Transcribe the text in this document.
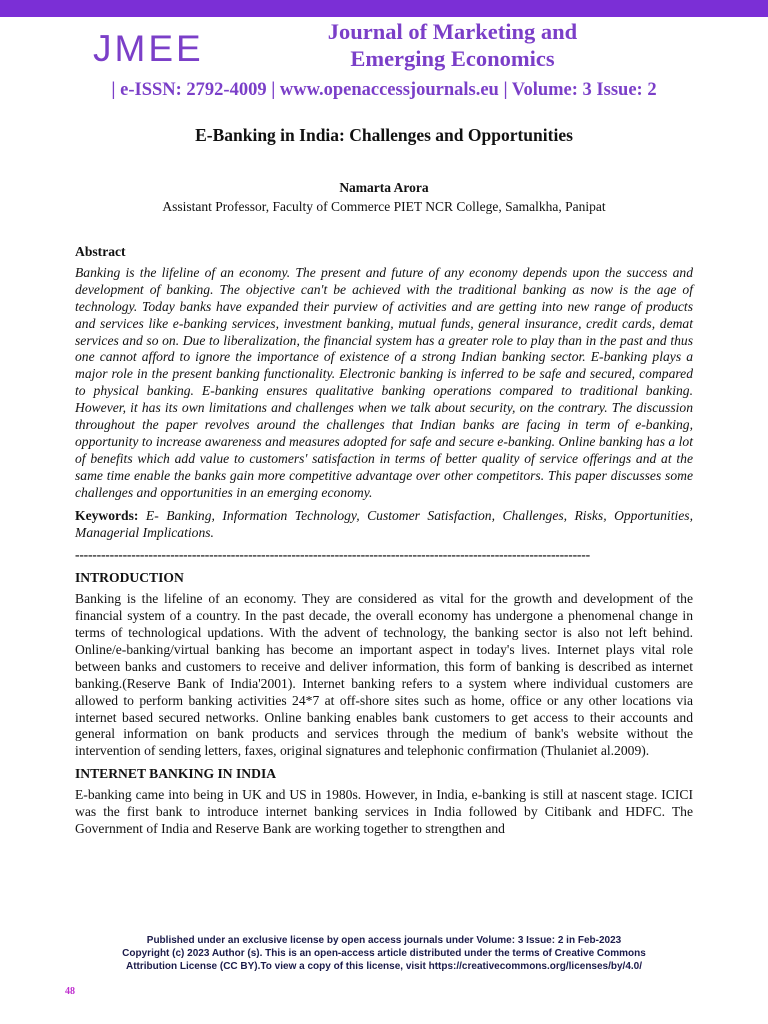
JMEE	Journal of Marketing and
Emerging Economics
| e-ISSN: 2792-4009 | www.openaccessjournals.eu | Volume: 3 Issue: 2
E-Banking in India: Challenges and Opportunities
Namarta Arora
Assistant Professor, Faculty of Commerce PIET NCR College, Samalkha, Panipat
Abstract

Banking is the lifeline of an economy. The present and future of any economy depends upon the success and development of banking. The objective can't be achieved with the traditional banking as now is the age of technology. Today banks have expanded their purview of activities and are getting into new range of products and services like e-banking services, investment banking, mutual funds, general insurance, credit cards, demat services and so on. Due to liberalization, the financial system has a greater role to play than in the past and thus one cannot afford to ignore the importance of existence of a strong Indian banking sector. E-banking plays a major role in the present banking functionality. Electronic banking is inferred to be safe and secured, compared to physical banking. E-banking ensures qualitative banking operations compared to traditional banking. However, it has its own limitations and challenges when we talk about security, on the contrary. The discussion throughout the paper revolves around the challenges that Indian banks are facing in term of e-banking, opportunity to increase awareness and measures adopted for safe and secure e-banking. Online banking has a lot of benefits which add value to customers' satisfaction in terms of better quality of service offerings and at the same time enable the banks gain more competitive advantage over other competitors. This paper discusses some challenges and opportunities in an emerging economy.

Keywords: E- Banking, Information Technology, Customer Satisfaction, Challenges, Risks, Opportunities, Managerial Implications.

-----------------------------------------------------------------------------------------------------------------------
INTRODUCTION

Banking is the lifeline of an economy. They are considered as vital for the growth and development of the financial system of a country. In the past decade, the overall economy has undergone a phenomenal change in terms of technological updations. With the advent of technology, the banking sector is also not left behind. Online/e-banking/virtual banking has become an important aspect in today's lives. Internet plays vital role between banks and customers to receive and deliver information, this form of banking is described as internet banking.(Reserve Bank of India'2001). Internet banking refers to a system where individual customers are allowed to perform banking activities 24*7 at off-shore sites such as home, office or any other locations via internet based secured networks. Online banking enables bank customers to get access to their accounts and general information on bank products and services through the medium of bank's website without the intervention of sending letters, faxes, original signatures and telephonic confirmation (Thulaniet al.2009).

INTERNET BANKING IN INDIA

E-banking came into being in UK and US in 1980s. However, in India, e-banking is still at nascent stage. ICICI was the first bank to introduce internet banking services in India followed by Citibank and HDFC. The Government of India and Reserve Bank are working together to strengthen and

Published under an exclusive license by open access journals under Volume: 3 Issue: 2 in Feb-2023
Copyright (c) 2023 Author (s). This is an open-access article distributed under the terms of Creative Commons
Attribution License (CC BY).To view a copy of this license, visit https://creativecommons.org/licenses/by/4.0/
48
